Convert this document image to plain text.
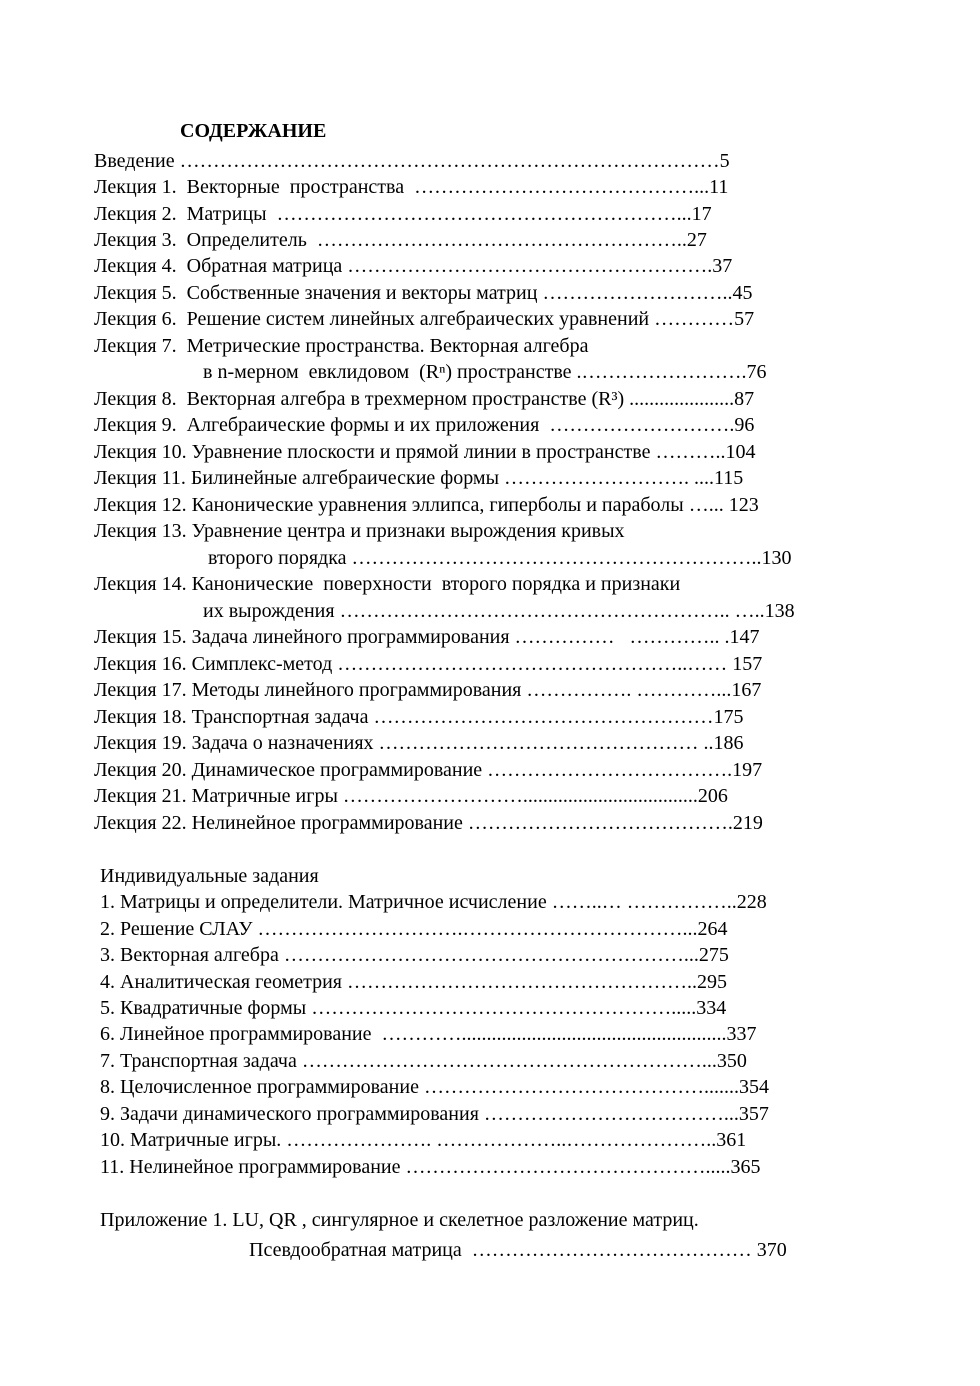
СОДЕРЖАНИЕ
Введение ………………………………………………………………………5
Лекция 1.  Векторные  пространства  ……………………………………...11
Лекция 2.  Матрицы  ……………………………………………………...17
Лекция 3.  Определитель  ………………………………………………..27
Лекция 4.  Обратная матрица ……………………………………………….37
Лекция 5.  Собственные значения и векторы матриц ………………………..45
Лекция 6.  Решение систем линейных алгебраических уравнений …………57
Лекция 7.  Метрические пространства. Векторная алгебра
в n-мерном  евклидовом  (Rⁿ) пространстве .…………………….76
Лекция 8.  Векторная алгебра в трехмерном пространстве (R³) .....................87
Лекция 9.  Алгебраические формы и их приложения  ……………………….96
Лекция 10. Уравнение плоскости и прямой линии в пространстве ………..104
Лекция 11. Билинейные алгебраические формы ………………………. ....115
Лекция 12. Канонические уравнения эллипса, гиперболы и параболы …... 123
Лекция 13. Уравнение центра и признаки вырождения кривых
второго порядка ……………………………………………………..130
Лекция 14. Канонические  поверхности  второго порядка и признаки
их вырождения ………………………………………………….. …..138
Лекция 15. Задача линейного программирования ……………   ………….. .147
Лекция 16. Симплекс-метод ……………………………………………..…… 157
Лекция 17. Методы линейного программирования ……………. …………...167
Лекция 18. Транспортная задача ……………………………………………175
Лекция 19. Задача о назначениях ………………………………………… ..186
Лекция 20. Динамическое программирование ……………………………….197
Лекция 21. Матричные игры ………………………...................................206
Лекция 22. Нелинейное программирование ………………………………….219
Индивидуальные задания
1. Матрицы и определители. Матричное исчисление ……..… ……………..228
2. Решение СЛАУ ………………………….……………………………...264
3. Векторная алгебра ……………………………………………………...275
4. Аналитическая геометрия ……………………………………………..295
5. Квадратичные формы ……………………………………………….....334
6. Линейное программирование  ………….....................................................337
7. Транспортная задача ……………………………………………………...350
8. Целочисленное программирование …………………………………….......354
9. Задачи динамического программирования ………………………………...357
10. Матричные игры. …………………. ………………..…………………..361
11. Нелинейное программирование ……………………………………….....365
Приложение 1. LU, QR , сингулярное и скелетное разложение матриц.
Псевдообратная матрица  …………………………………… 370
